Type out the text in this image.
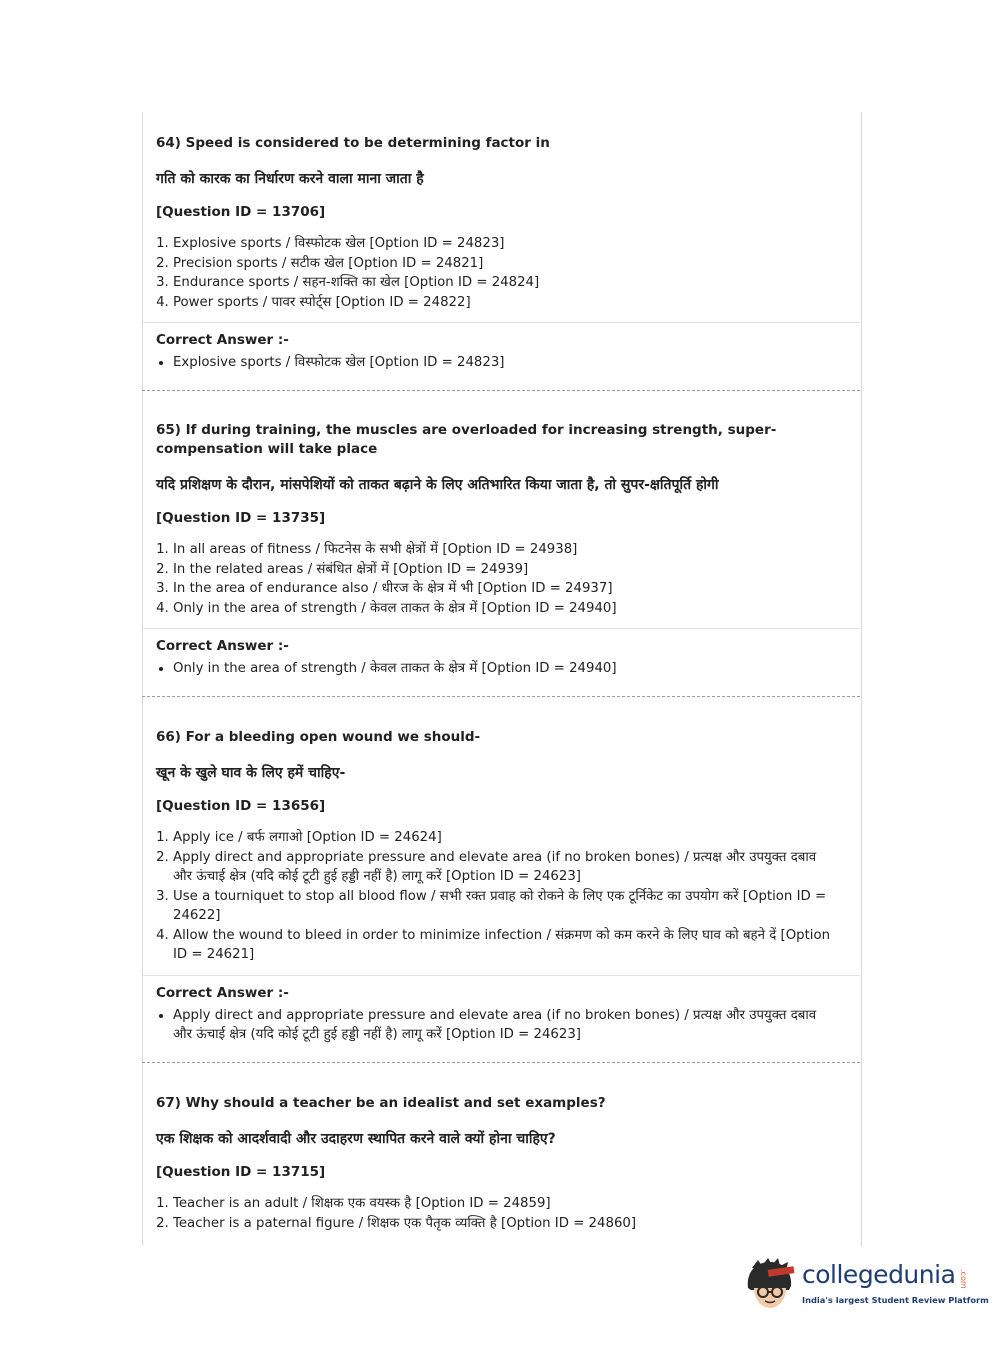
64) Speed is considered to be determining factor in

गति को कारक का निर्धारण करने वाला माना जाता है
[Question ID = 13706]
1. Explosive sports / विस्फोटक खेल [Option ID = 24823]
2. Precision sports / सटीक खेल [Option ID = 24821]
3. Endurance sports / सहन-शक्ति का खेल [Option ID = 24824]
4. Power sports / पावर स्पोर्ट्स [Option ID = 24822]
Correct Answer :-
• Explosive sports / विस्फोटक खेल [Option ID = 24823]

65) If during training, the muscles are overloaded for increasing strength, super-compensation will take place

यदि प्रशिक्षण के दौरान, मांसपेशियों को ताकत बढ़ाने के लिए अतिभारित किया जाता है, तो सुपर-क्षतिपूर्ति होगी
[Question ID = 13735]
1. In all areas of fitness / फिटनेस के सभी क्षेत्रों में [Option ID = 24938]
2. In the related areas / संबंधित क्षेत्रों में [Option ID = 24939]
3. In the area of endurance also / धीरज के क्षेत्र में भी [Option ID = 24937]
4. Only in the area of strength / केवल ताकत के क्षेत्र में [Option ID = 24940]
Correct Answer :-
• Only in the area of strength / केवल ताकत के क्षेत्र में [Option ID = 24940]

66) For a bleeding open wound we should-

खून के खुले घाव के लिए हमें चाहिए-
[Question ID = 13656]
1. Apply ice / बर्फ लगाओ [Option ID = 24624]
2. Apply direct and appropriate pressure and elevate area (if no broken bones) / प्रत्यक्ष और उपयुक्त दबाव और ऊंचाई क्षेत्र (यदि कोई टूटी हुई हड्डी नहीं है) लागू करें [Option ID = 24623]
3. Use a tourniquet to stop all blood flow / सभी रक्त प्रवाह को रोकने के लिए एक टूर्निकेट का उपयोग करें [Option ID = 24622]
4. Allow the wound to bleed in order to minimize infection / संक्रमण को कम करने के लिए घाव को बहने दें [Option ID = 24621]
Correct Answer :-
• Apply direct and appropriate pressure and elevate area (if no broken bones) / प्रत्यक्ष और उपयुक्त दबाव और ऊंचाई क्षेत्र (यदि कोई टूटी हुई हड्डी नहीं है) लागू करें [Option ID = 24623]

67) Why should a teacher be an idealist and set examples?

एक शिक्षक को आदर्शवादी और उदाहरण स्थापित करने वाले क्यों होना चाहिए?
[Question ID = 13715]
1. Teacher is an adult / शिक्षक एक वयस्क है [Option ID = 24859]
2. Teacher is a paternal figure / शिक्षक एक पैतृक व्यक्ति है [Option ID = 24860]
collegedunia .com
India's largest Student Review Platform
